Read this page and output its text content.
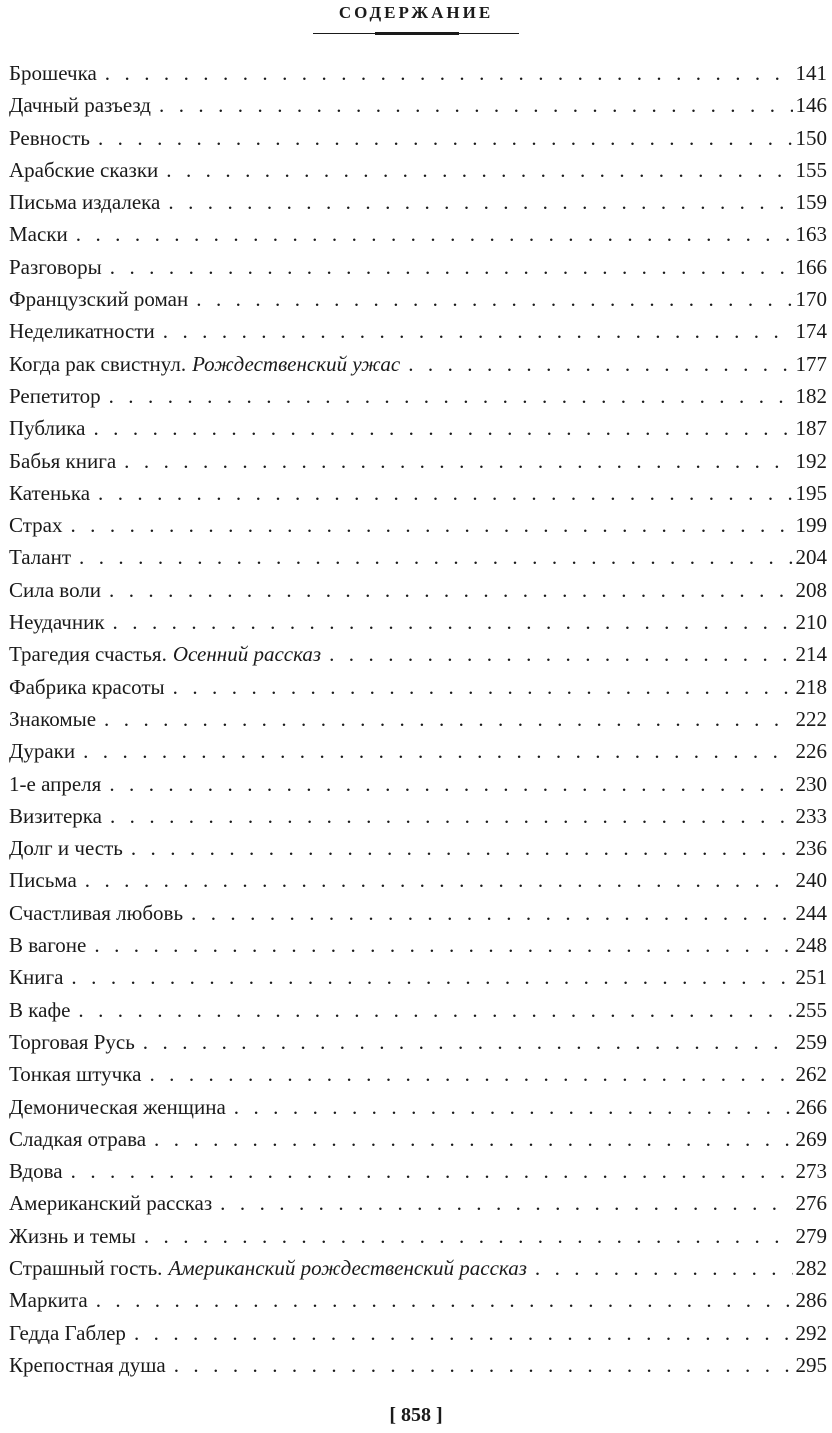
СОДЕРЖАНИЕ
Брошечка . . .	141
Дачный разъезд . . .	146
Ревность . . .	150
Арабские сказки . . .	155
Письма издалека . . .	159
Маски . . .	163
Разговоры . . .	166
Французский роман . . .	170
Неделикатности . . .	174
Когда рак свистнул. Рождественский ужас . . .	177
Репетитор . . .	182
Публика . . .	187
Бабья книга . . .	192
Катенька . . .	195
Страх . . .	199
Талант . . .	204
Сила воли . . .	208
Неудачник . . .	210
Трагедия счастья. Осенний рассказ . . .	214
Фабрика красоты . . .	218
Знакомые . . .	222
Дураки . . .	226
1-е апреля . . .	230
Визитерка . . .	233
Долг и честь . . .	236
Письма . . .	240
Счастливая любовь . . .	244
В вагоне . . .	248
Книга . . .	251
В кафе . . .	255
Торговая Русь . . .	259
Тонкая штучка . . .	262
Демоническая женщина . . .	266
Сладкая отрава . . .	269
Вдова . . .	273
Американский рассказ . . .	276
Жизнь и темы . . .	279
Страшный гость. Американский рождественский рассказ . . .	282
Маркита . . .	286
Гедда Габлер . . .	292
Крепостная душа . . .	295
[ 858 ]
